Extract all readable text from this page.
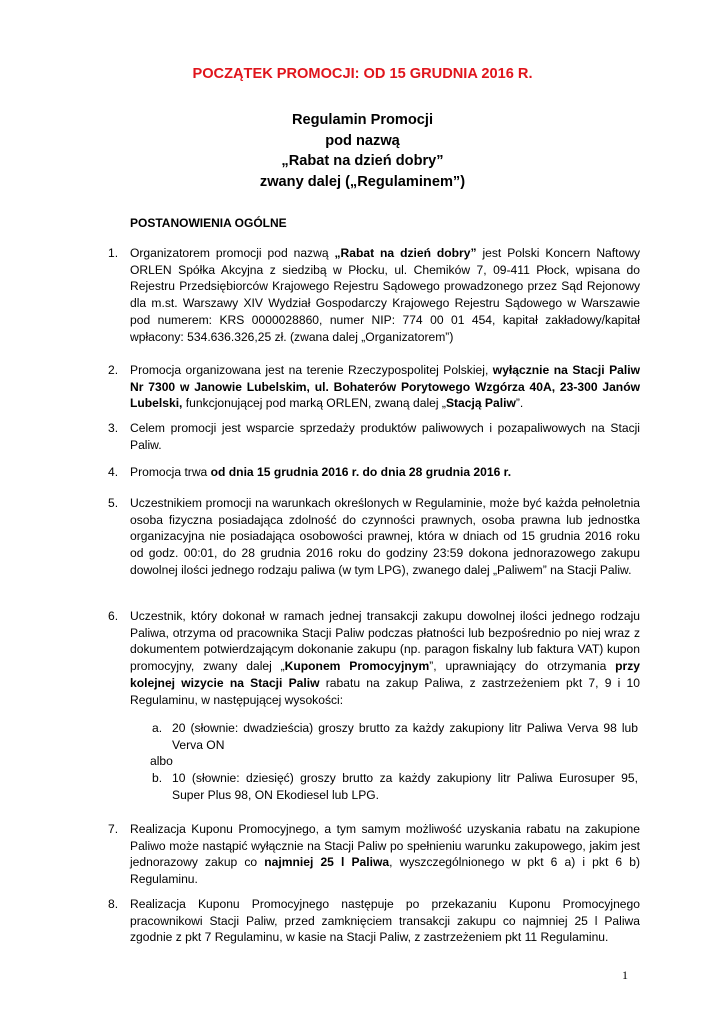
POCZĄTEK PROMOCJI: OD 15 GRUDNIA 2016 R.
Regulamin Promocji
pod nazwą
„Rabat na dzień dobry”
zwany dalej („Regulaminem”)
POSTANOWIENIA OGÓLNE
1. Organizatorem promocji pod nazwą „Rabat na dzień dobry” jest Polski Koncern Naftowy ORLEN Spółka Akcyjna z siedzibą w Płocku, ul. Chemików 7, 09-411 Płock, wpisana do Rejestru Przedsiębiorców Krajowego Rejestru Sądowego prowadzonego przez Sąd Rejonowy dla m.st. Warszawy XIV Wydział Gospodarczy Krajowego Rejestru Sądowego w Warszawie pod numerem: KRS 0000028860, numer NIP: 774 00 01 454, kapitał zakładowy/kapitał wpłacony: 534.636.326,25 zł. (zwana dalej „Organizatorem”)
2. Promocja organizowana jest na terenie Rzeczypospolitej Polskiej, wyłącznie na Stacji Paliw Nr 7300 w Janowie Lubelskim, ul. Bohaterów Porytowego Wzgórza 40A, 23-300 Janów Lubelski, funkcjonującej pod marką ORLEN, zwaną dalej „Stacją Paliw”.
3. Celem promocji jest wsparcie sprzedaży produktów paliwowych i pozapaliwowych na Stacji Paliw.
4. Promocja trwa od dnia 15 grudnia 2016 r. do dnia 28 grudnia 2016 r.
5. Uczestnikiem promocji na warunkach określonych w Regulaminie, może być każda pełnoletnia osoba fizyczna posiadająca zdolność do czynności prawnych, osoba prawna lub jednostka organizacyjna nie posiadająca osobowości prawnej, która w dniach od 15 grudnia 2016 roku od godz. 00:01, do 28 grudnia 2016 roku do godziny 23:59 dokona jednorazowego zakupu dowolnej ilości jednego rodzaju paliwa (w tym LPG), zwanego dalej „Paliwem” na Stacji Paliw.
6. Uczestnik, który dokonał w ramach jednej transakcji zakupu dowolnej ilości jednego rodzaju Paliwa, otrzyma od pracownika Stacji Paliw podczas płatności lub bezpośrednio po niej wraz z dokumentem potwierdzającym dokonanie zakupu (np. paragon fiskalny lub faktura VAT) kupon promocyjny, zwany dalej „Kuponem Promocyjnym”, uprawniający do otrzymania przy kolejnej wizycie na Stacji Paliw rabatu na zakup Paliwa, z zastrzeżeniem pkt 7, 9 i 10 Regulaminu, w następującej wysokości:
a. 20 (słownie: dwadzieścia) groszy brutto za każdy zakupiony litr Paliwa Verva 98 lub Verva ON
albo
b. 10 (słownie: dziesięć) groszy brutto za każdy zakupiony litr Paliwa Eurosuper 95, Super Plus 98, ON Ekodiesel lub LPG.
7. Realizacja Kuponu Promocyjnego, a tym samym możliwość uzyskania rabatu na zakupione Paliwo może nastąpić wyłącznie na Stacji Paliw po spełnieniu warunku zakupowego, jakim jest jednorazowy zakup co najmniej 25 l Paliwa, wyszczególnionego w pkt 6 a) i pkt 6 b) Regulaminu.
8. Realizacja Kuponu Promocyjnego następuje po przekazaniu Kuponu Promocyjnego pracownikowi Stacji Paliw, przed zamknięciem transakcji zakupu co najmniej 25 l Paliwa zgodnie z pkt 7 Regulaminu, w kasie na Stacji Paliw, z zastrzeżeniem pkt 11 Regulaminu.
1
